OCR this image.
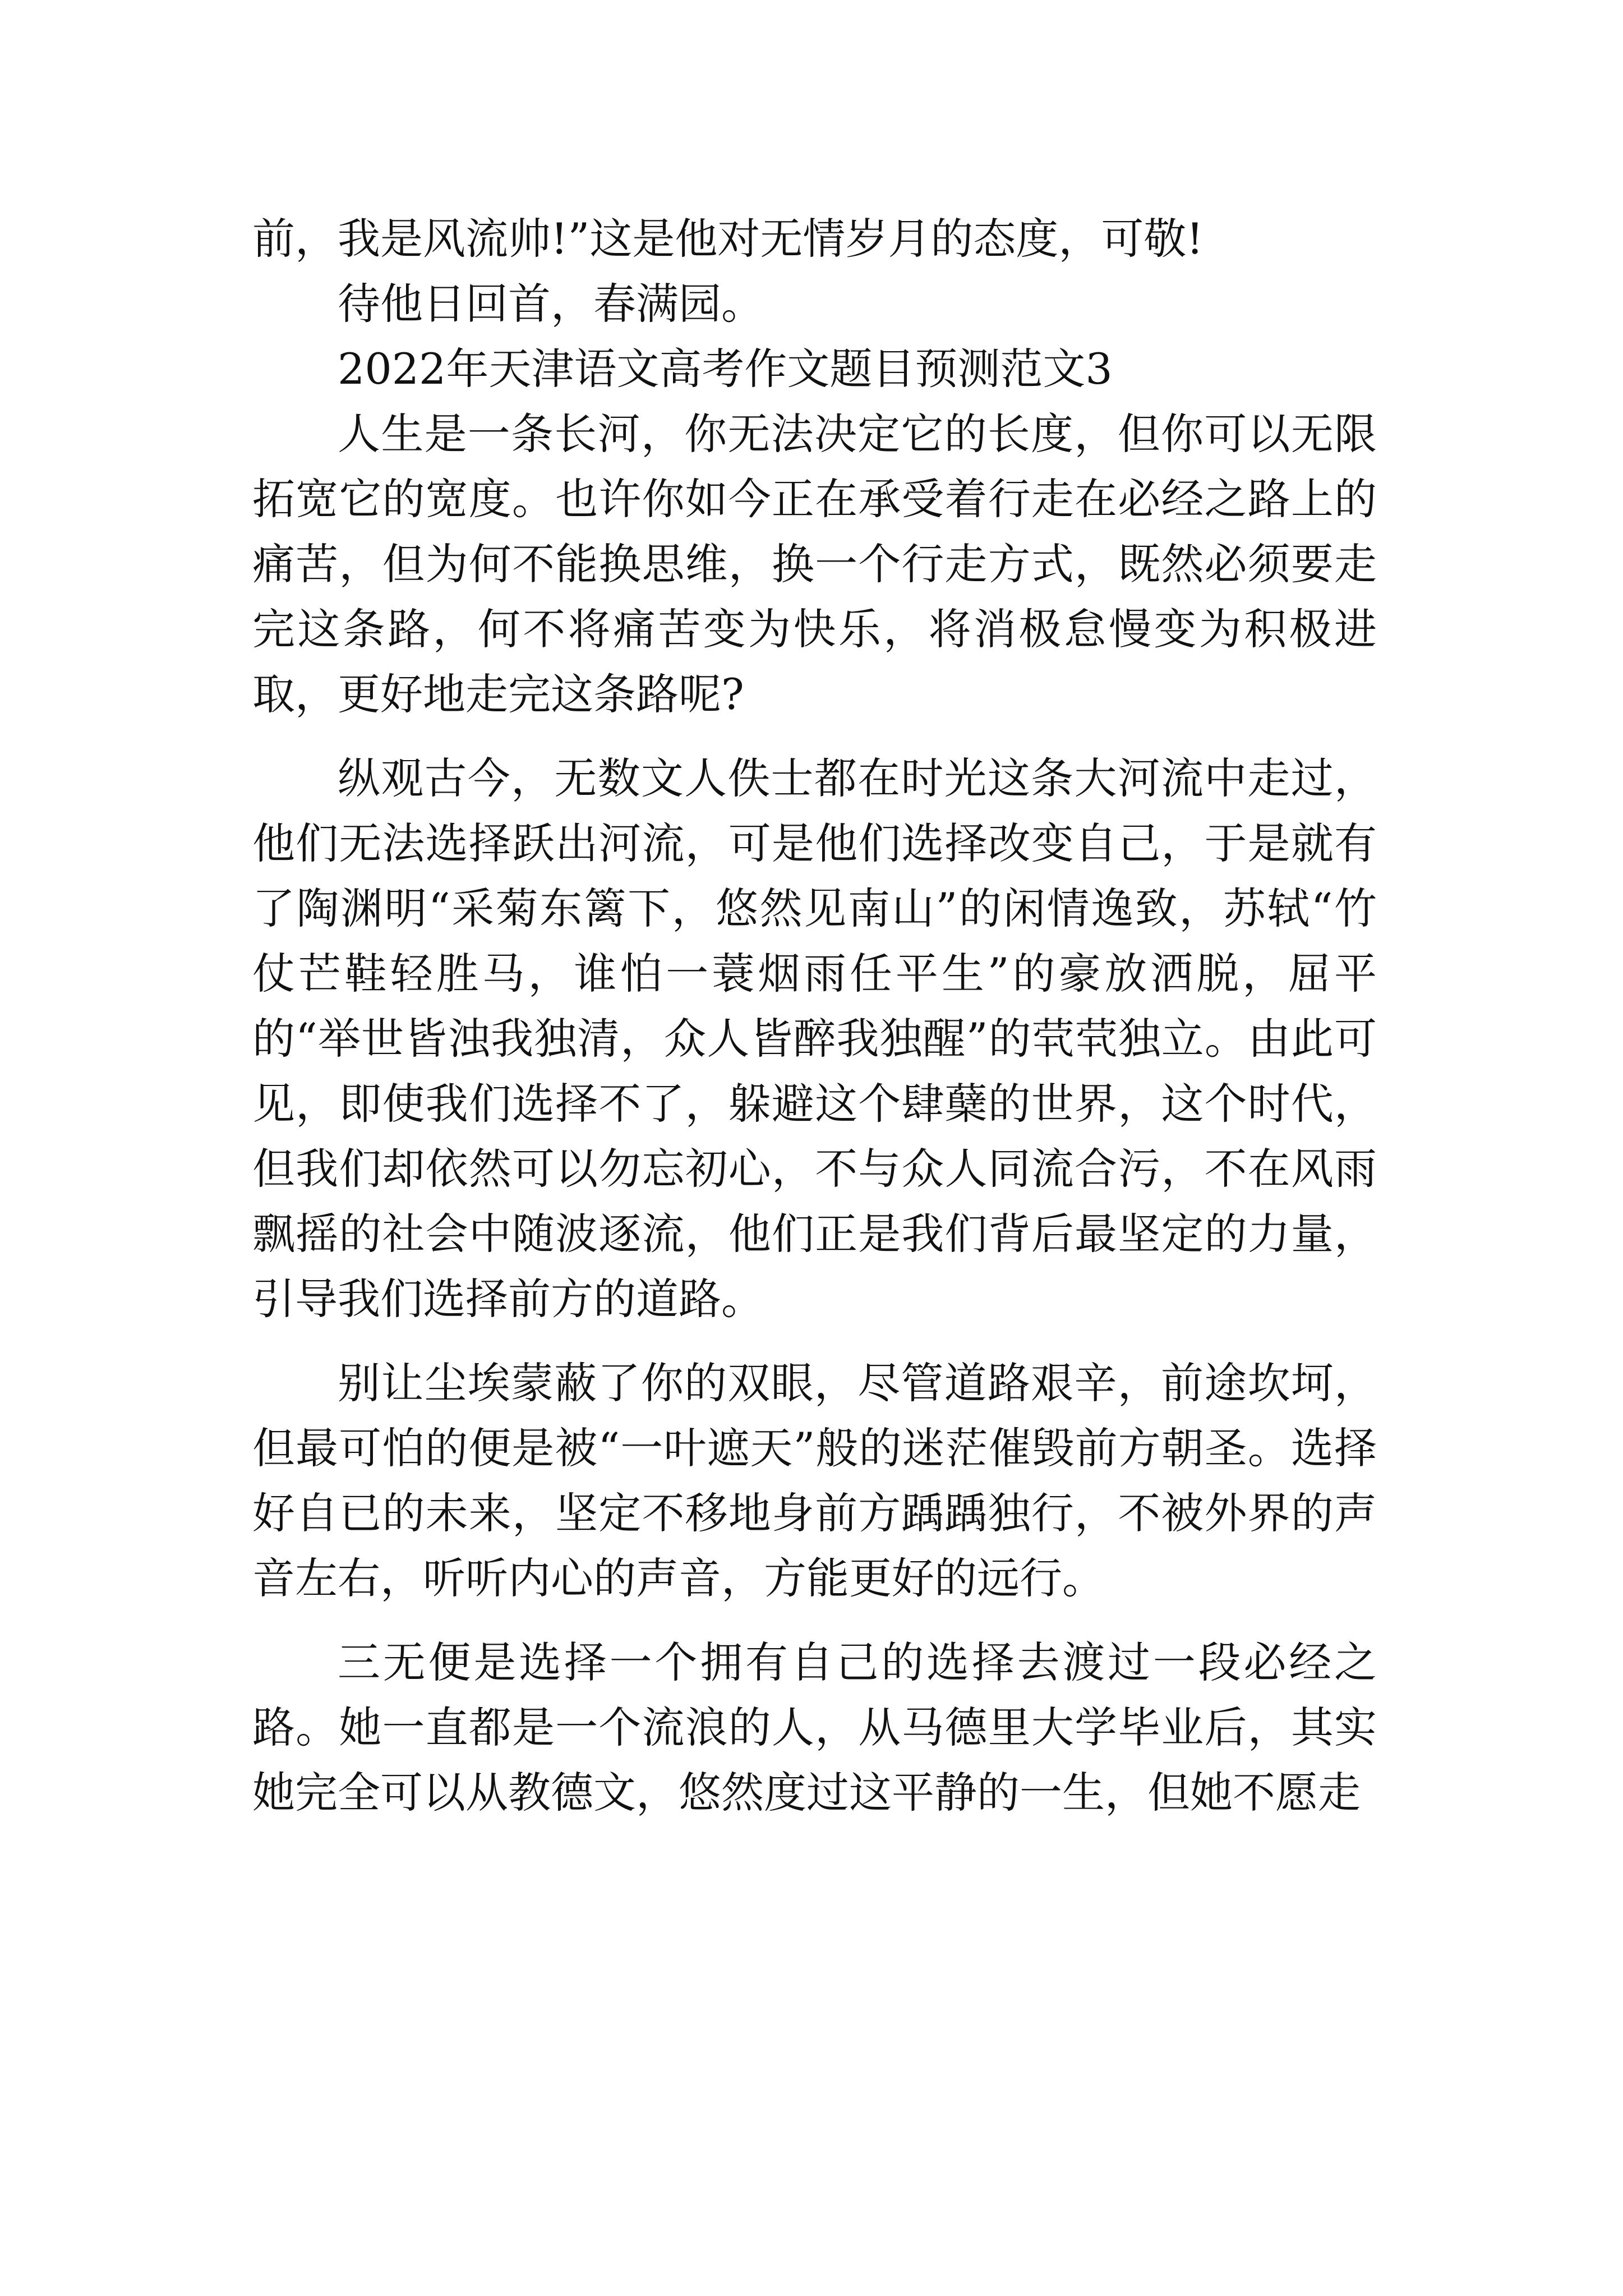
前，我是风流帅!”这是他对无情岁月的态度，可敬!

待他日回首，春满园。

2022年天津语文高考作文题目预测范文3

人生是一条长河，你无法决定它的长度，但你可以无限拓宽它的宽度。也许你如今正在承受着行走在必经之路上的痛苦，但为何不能换思维，换一个行走方式，既然必须要走完这条路，何不将痛苦变为快乐，将消极怠慢变为积极进取，更好地走完这条路呢?

纵观古今，无数文人佚士都在时光这条大河流中走过，他们无法选择跃出河流，可是他们选择改变自己，于是就有了陶渊明“采菊东篱下，悠然见南山”的闲情逸致，苏轼“竹仗芒鞋轻胜马，谁怕一蓑烟雨任平生”的豪放洒脱，屈平的“举世皆浊我独清，众人皆醉我独醒”的茕茕独立。由此可见，即使我们选择不了，躲避这个肆蘖的世界，这个时代，但我们却依然可以勿忘初心，不与众人同流合污，不在风雨飘摇的社会中随波逐流，他们正是我们背后最坚定的力量，引导我们选择前方的道路。

别让尘埃蒙蔽了你的双眼，尽管道路艰辛，前途坎坷，但最可怕的便是被“一叶遮天”般的迷茫催毁前方朝圣。选择好自已的未来，坚定不移地身前方踽踽独行，不被外界的声音左右，听听内心的声音，方能更好的远行。

三无便是选择一个拥有自己的选择去渡过一段必经之路。她一直都是一个流浪的人，从马德里大学毕业后，其实她完全可以从教德文，悠然度过这平静的一生，但她不愿走
